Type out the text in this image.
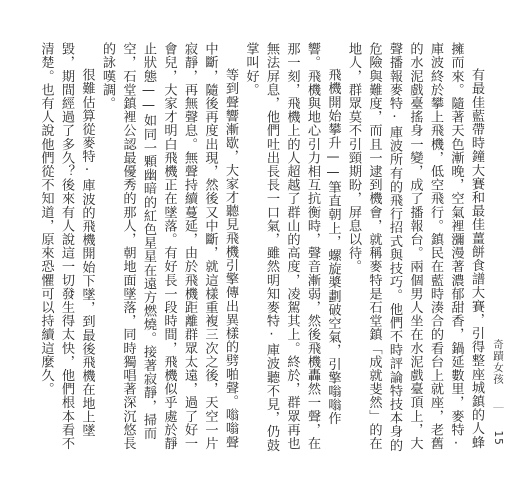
有最佳藍帶時鐘大賽和最佳薑餅食譜大賽，引得整座城鎮的人蜂擁而來。隨著天色漸晚，空氣裡瀰漫著濃郁甜香，鍋延數里，麥特‧庫波終於攀上飛機，低空飛行。鎮民在藍時湊合的看台上就座，老舊的水泥戲臺搖身一變，成了播報台。兩個男人坐在水泥戲臺頂上，大聲播報麥特‧庫波所有的飛行招式與技巧。他們不時評論特技本身的危險與難度，而且一逮到機會，就稱麥特是石堂鎮「成就斐然」的在地人，群眾莫不引頸期盼，屏息以待。

飛機開始攀升——筆直朝上，螺旋槳劃破空氣，引擎嗡嗡作響。飛機與地心引力相互抗衡時，聲音漸弱，然後飛機轟然一聲，在那一刻，飛機上的人超越了群山的高度，凌駕其上。終於，群眾再也無法屏息，他們吐出長長一口氣，雖然明知麥特‧庫波聽不見，仍鼓掌叫好。

等到聲響漸歇，大家才聽見飛機引擎傳出異樣的劈啪聲。嗡嗡聲中斷，隨後再度出現，然後又中斷，就這樣重複三次之後，天空一片寂靜，再無聲息。無聲持續蔓延，由於飛機距離群眾太遠，過了好一會兒，大家才明白飛機正在墜落。有好長一段時間，飛機似乎處於靜止狀態——如同一顆幽暗的紅色星星在遠方燃燒。接著寂靜，掃而空，石堂鎮裡公認最優秀的那人，朝地面墜落，同時獨唱著深沉悠長的詠嘆調。

很難估算從麥特‧庫波的飛機開始下墜，到最後飛機在地上墜毀，期間經過了多久？後來有人說這一切發生得太快，他們根本看不清楚。也有人說他們從不知道，原來恐懼可以持續這麼久。	奇蹟女孩 ｜ 15
